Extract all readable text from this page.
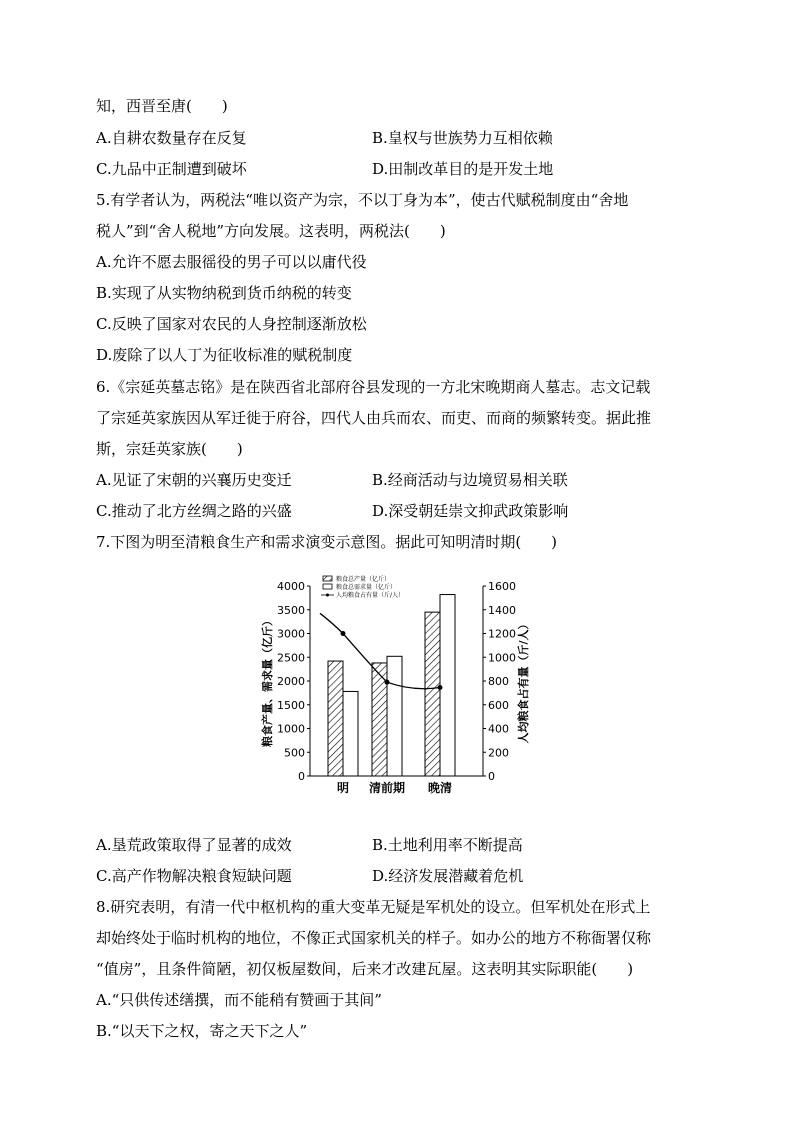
知，西晋至唐(　　)
A.自耕农数量存在反复	B.皇权与世族势力互相依赖
C.九品中正制遭到破坏	D.田制改革目的是开发土地
5.有学者认为，两税法“唯以资产为宗，不以丁身为本”，使古代赋税制度由“舍地
税人”到“舍人税地”方向发展。这表明，两税法(　　)
A.允许不愿去服徭役的男子可以以庸代役
B.实现了从实物纳税到货币纳税的转变
C.反映了国家对农民的人身控制逐渐放松
D.废除了以人丁为征收标准的赋税制度
6.《宗延英墓志铭》是在陕西省北部府谷县发现的一方北宋晚期商人墓志。志文记载
了宗延英家族因从军迁徙于府谷，四代人由兵而农、而吏、而商的频繁转变。据此推
斯，宗廷英家族(　　)
A.见证了宋朝的兴襄历史变迁	B.经商活动与边境贸易相关联
C.推动了北方丝绸之路的兴盛	D.深受朝廷崇文抑武政策影响
7.下图为明至清粮食生产和需求演变示意图。据此可知明清时期(　　)
0
500
1000
1500
2000
2500
3000
3500
4000
0
200
400
600
800
1000
1200
1400
1600
粮食产量、需求量（亿斤）	人均粮食占有量（斤/人）
明 清前期 晚清
粮食总产量（亿斤）
粮食总需求量（亿斤）
人均粮食占有量（斤/人）
A.垦荒政策取得了显著的成效	B.土地利用率不断提高
C.高产作物解决粮食短缺问题	D.经济发展潜藏着危机
8.研究表明，有清一代中枢机构的重大变革无疑是军机处的设立。但军机处在形式上
却始终处于临时机构的地位，不像正式国家机关的样子。如办公的地方不称衙署仅称
“值房”，且条件简陋，初仅板屋数间，后来才改建瓦屋。这表明其实际职能(　　)
A.“只供传述缮撰，而不能稍有赞画于其间”
B.“以天下之权，寄之天下之人”
